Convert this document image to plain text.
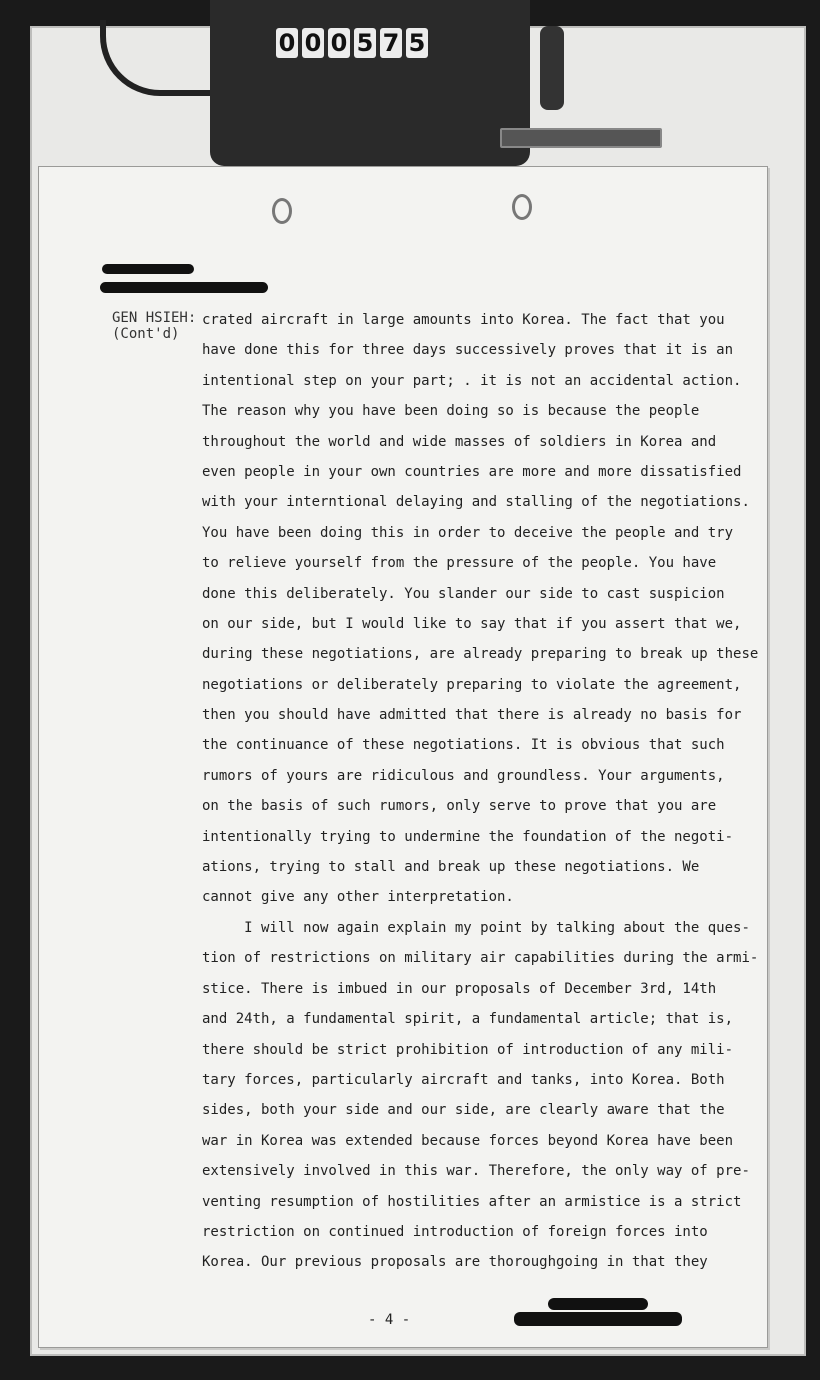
0 0 0 5 7 5
GEN HSIEH:
(Cont'd)
crated aircraft in large amounts into Korea. The fact that you
have done this for three days successively proves that it is an
intentional step on your part; . it is not an accidental action.
The reason why you have been doing so is because the people
throughout the world and wide masses of soldiers in Korea and
even people in your own countries are more and more dissatisfied
with your interntional delaying and stalling of the negotiations.
You have been doing this in order to deceive the people and try
to relieve yourself from the pressure of the people. You have
done this deliberately. You slander our side to cast suspicion
on our side, but I would like to say that if you assert that we,
during these negotiations, are already preparing to break up these
negotiations or deliberately preparing to violate the agreement,
then you should have admitted that there is already no basis for
the continuance of these negotiations. It is obvious that such
rumors of yours are ridiculous and groundless. Your arguments,
on the basis of such rumors, only serve to prove that you are
intentionally trying to undermine the foundation of the negoti-
ations, trying to stall and break up these negotiations. We
cannot give any other interpretation.
I will now again explain my point by talking about the ques-
tion of restrictions on military air capabilities during the armi-
stice. There is imbued in our proposals of December 3rd, 14th
and 24th, a fundamental spirit, a fundamental article; that is,
there should be strict prohibition of introduction of any mili-
tary forces, particularly aircraft and tanks, into Korea. Both
sides, both your side and our side, are clearly aware that the
war in Korea was extended because forces beyond Korea have been
extensively involved in this war. Therefore, the only way of pre-
venting resumption of hostilities after an armistice is a strict
restriction on continued introduction of foreign forces into
Korea. Our previous proposals are thoroughgoing in that they
- 4 -
